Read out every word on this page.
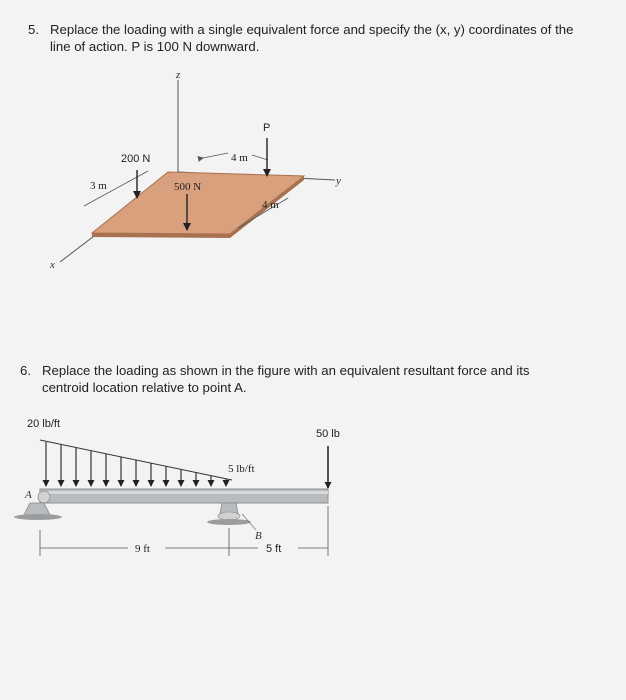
5. Replace the loading with a single equivalent force and specify the (x, y) coordinates of the
line of action. P is 100 N downward.
3 m
4 m
4 m
200 N
500 N
P
z
x
y
6. Replace the loading as shown in the figure with an equivalent resultant force and its
centroid location relative to point A.
A
B
50 lb
20 lb/ft
5 lb/ft
9 ft	5 ft
